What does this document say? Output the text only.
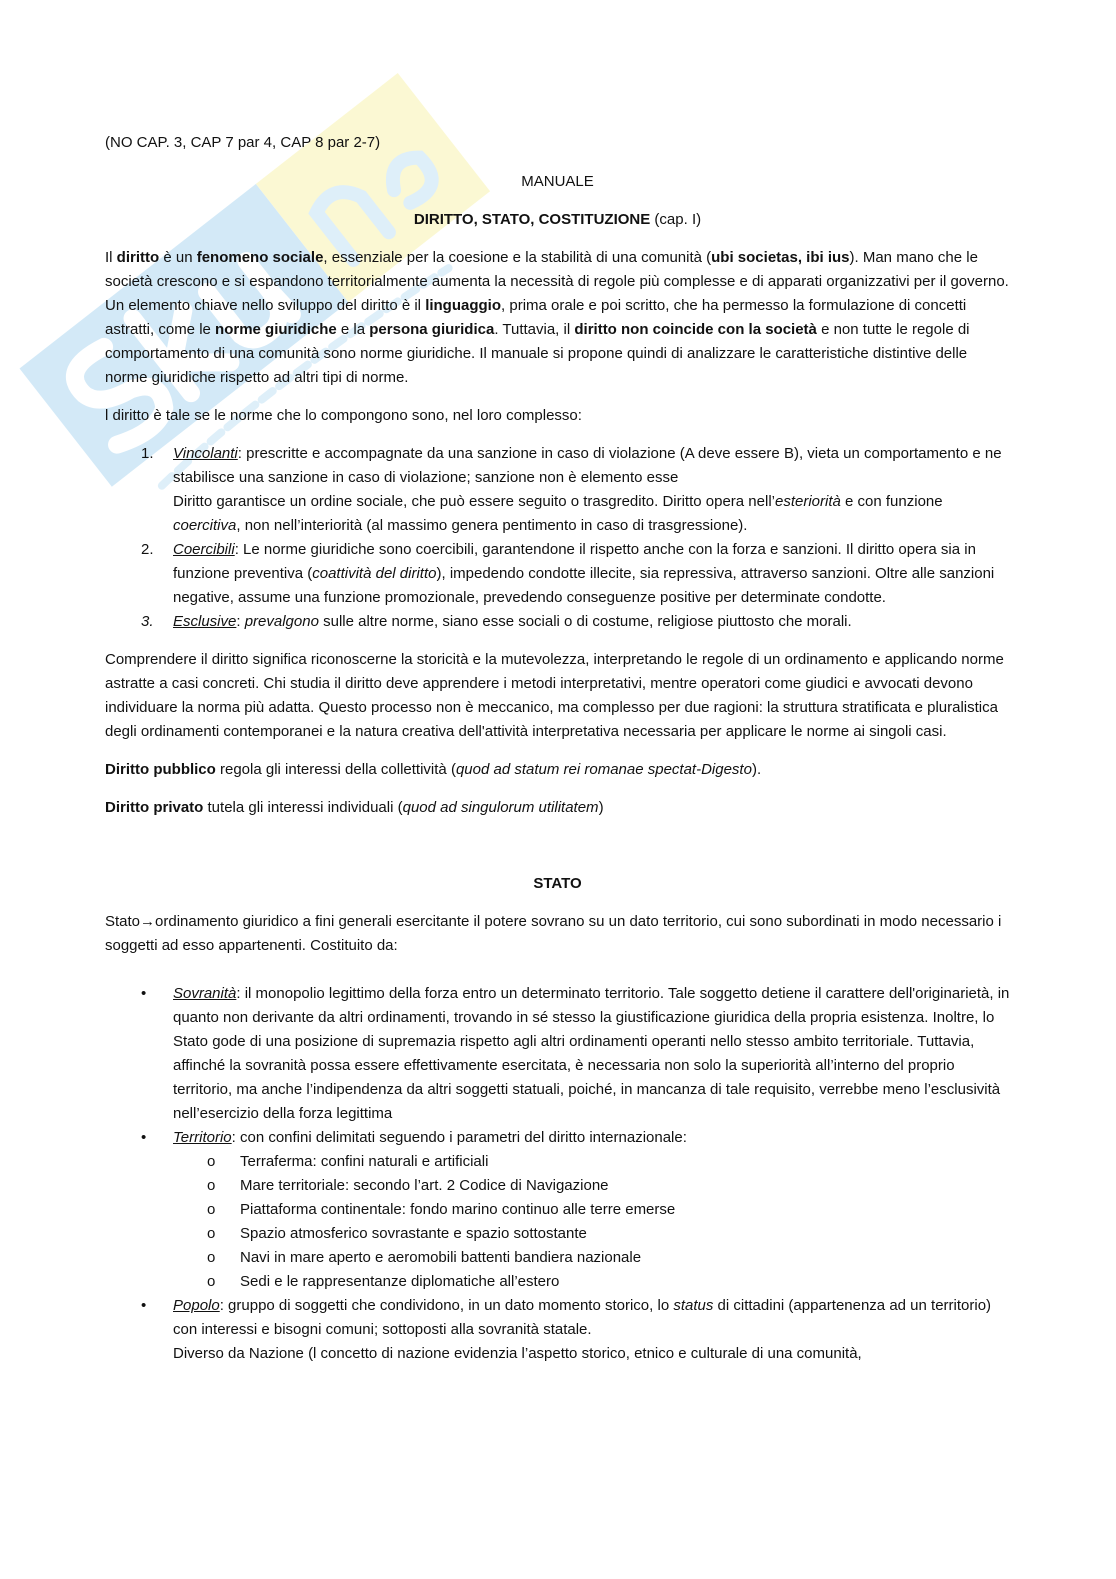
(NO CAP. 3, CAP 7 par 4, CAP 8 par 2-7)

MANUALE

DIRITTO, STATO, COSTITUZIONE (cap. I)

Il diritto è un fenomeno sociale, essenziale per la coesione e la stabilità di una comunità (ubi societas, ibi ius). Man mano che le società crescono e si espandono territorialmente aumenta la necessità di regole più complesse e di apparati organizzativi per il governo.
Un elemento chiave nello sviluppo del diritto è il linguaggio, prima orale e poi scritto, che ha permesso la formulazione di concetti astratti, come le norme giuridiche e la persona giuridica. Tuttavia, il diritto non coincide con la società e non tutte le regole di comportamento di una comunità sono norme giuridiche. Il manuale si propone quindi di analizzare le caratteristiche distintive delle norme giuridiche rispetto ad altri tipi di norme.

l diritto è tale se le norme che lo compongono sono, nel loro complesso:

1. Vincolanti: prescritte e accompagnate da una sanzione in caso di violazione (A deve essere B), vieta un comportamento e ne stabilisce una sanzione in caso di violazione; sanzione non è elemento esse
Diritto garantisce un ordine sociale, che può essere seguito o trasgredito. Diritto opera nell’esteriorità e con funzione coercitiva, non nell’interiorità (al massimo genera pentimento in caso di trasgressione).
2. Coercibili: Le norme giuridiche sono coercibili, garantendone il rispetto anche con la forza e sanzioni. Il diritto opera sia in funzione preventiva (coattività del diritto), impedendo condotte illecite, sia repressiva, attraverso sanzioni. Oltre alle sanzioni negative, assume una funzione promozionale, prevedendo conseguenze positive per determinate condotte.
3. Esclusive: prevalgono sulle altre norme, siano esse sociali o di costume, religiose piuttosto che morali.

Comprendere il diritto significa riconoscerne la storicità e la mutevolezza, interpretando le regole di un ordinamento e applicando norme astratte a casi concreti. Chi studia il diritto deve apprendere i metodi interpretativi, mentre operatori come giudici e avvocati devono individuare la norma più adatta. Questo processo non è meccanico, ma complesso per due ragioni: la struttura stratificata e pluralistica degli ordinamenti contemporanei e la natura creativa dell'attività interpretativa necessaria per applicare le norme ai singoli casi.

Diritto pubblico regola gli interessi della collettività (quod ad statum rei romanae spectat-Digesto).

Diritto privato tutela gli interessi individuali (quod ad singulorum utilitatem)

STATO

Stato→ordinamento giuridico a fini generali esercitante il potere sovrano su un dato territorio, cui sono subordinati in modo necessario i soggetti ad esso appartenenti. Costituito da:

• Sovranità: il monopolio legittimo della forza entro un determinato territorio. Tale soggetto detiene il carattere dell'originarietà, in quanto non derivante da altri ordinamenti, trovando in sé stesso la giustificazione giuridica della propria esistenza. Inoltre, lo Stato gode di una posizione di supremazia rispetto agli altri ordinamenti operanti nello stesso ambito territoriale. Tuttavia, affinché la sovranità possa essere effettivamente esercitata, è necessaria non solo la superiorità all’interno del proprio territorio, ma anche l’indipendenza da altri soggetti statuali, poiché, in mancanza di tale requisito, verrebbe meno l’esclusività nell’esercizio della forza legittima
• Territorio: con confini delimitati seguendo i parametri del diritto internazionale:
o Terraferma: confini naturali e artificiali
o Mare territoriale: secondo l’art. 2 Codice di Navigazione
o Piattaforma continentale: fondo marino continuo alle terre emerse
o Spazio atmosferico sovrastante e spazio sottostante
o Navi in mare aperto e aeromobili battenti bandiera nazionale
o Sedi e le rappresentanze diplomatiche all’estero
• Popolo: gruppo di soggetti che condividono, in un dato momento storico, lo status di cittadini (appartenenza ad un territorio) con interessi e bisogni comuni; sottoposti alla sovranità statale.
Diverso da Nazione (l concetto di nazione evidenzia l’aspetto storico, etnico e culturale di una comunità,
